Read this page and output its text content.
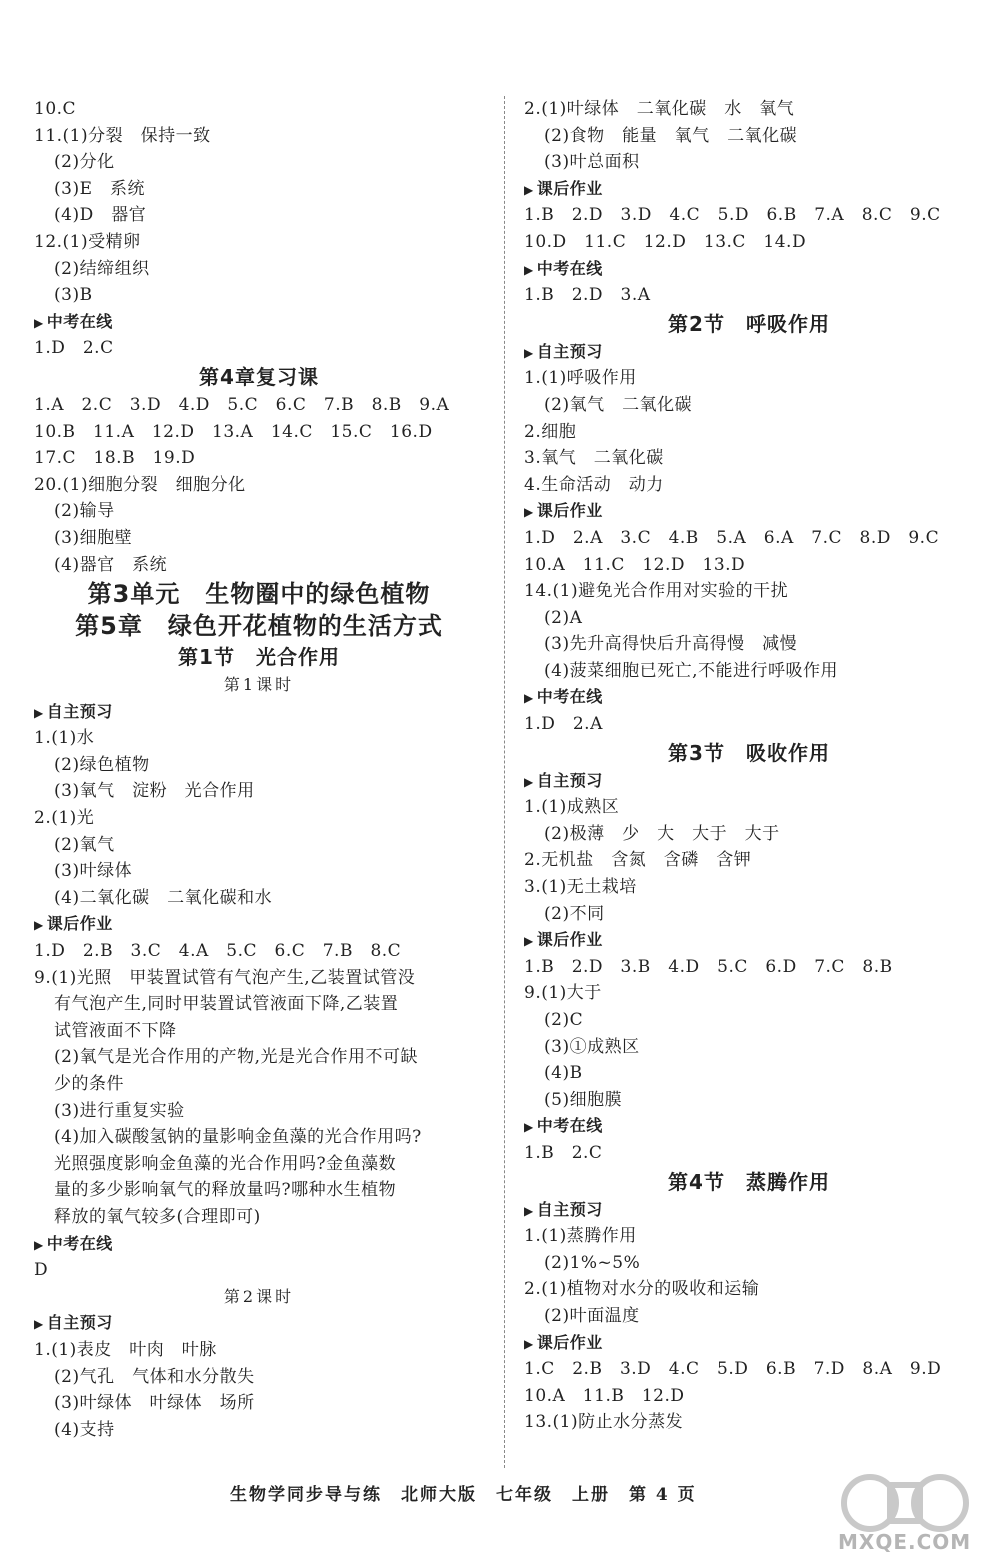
10.C
11.(1)分裂　保持一致
(2)分化
(3)E　系统
(4)D　器官
12.(1)受精卵
(2)结缔组织
(3)B
▶ 中考在线
1.D　2.C
第4章复习课
1.A　2.C　3.D　4.D　5.C　6.C　7.B　8.B　9.A
10.B　11.A　12.D　13.A　14.C　15.C　16.D
17.C　18.B　19.D
20.(1)细胞分裂　细胞分化
(2)输导
(3)细胞壁
(4)器官　系统
第3单元　生物圈中的绿色植物
第5章　绿色开花植物的生活方式
第1节　光合作用
第1课时
▶ 自主预习
1.(1)水
(2)绿色植物
(3)氧气　淀粉　光合作用
2.(1)光
(2)氧气
(3)叶绿体
(4)二氧化碳　二氧化碳和水
▶ 课后作业
1.D　2.B　3.C　4.A　5.C　6.C　7.B　8.C
9.(1)光照　甲装置试管有气泡产生,乙装置试管没
有气泡产生,同时甲装置试管液面下降,乙装置
试管液面不下降
(2)氧气是光合作用的产物,光是光合作用不可缺
少的条件
(3)进行重复实验
(4)加入碳酸氢钠的量影响金鱼藻的光合作用吗?
光照强度影响金鱼藻的光合作用吗?金鱼藻数
量的多少影响氧气的释放量吗?哪种水生植物
释放的氧气较多(合理即可)
▶ 中考在线
D
第2课时
▶ 自主预习
1.(1)表皮　叶肉　叶脉
(2)气孔　气体和水分散失
(3)叶绿体　叶绿体　场所
(4)支持
2.(1)叶绿体　二氧化碳　水　氧气
(2)食物　能量　氧气　二氧化碳
(3)叶总面积
▶ 课后作业
1.B　2.D　3.D　4.C　5.D　6.B　7.A　8.C　9.C
10.D　11.C　12.D　13.C　14.D
▶ 中考在线
1.B　2.D　3.A
第2节　呼吸作用
▶ 自主预习
1.(1)呼吸作用
(2)氧气　二氧化碳
2.细胞
3.氧气　二氧化碳
4.生命活动　动力
▶ 课后作业
1.D　2.A　3.C　4.B　5.A　6.A　7.C　8.D　9.C
10.A　11.C　12.D　13.D
14.(1)避免光合作用对实验的干扰
(2)A
(3)先升高得快后升高得慢　减慢
(4)菠菜细胞已死亡,不能进行呼吸作用
▶ 中考在线
1.D　2.A
第3节　吸收作用
▶ 自主预习
1.(1)成熟区
(2)极薄　少　大　大于　大于
2.无机盐　含氮　含磷　含钾
3.(1)无土栽培
(2)不同
▶ 课后作业
1.B　2.D　3.B　4.D　5.C　6.D　7.C　8.B
9.(1)大于
(2)C
(3)①成熟区
(4)B
(5)细胞膜
▶ 中考在线
1.B　2.C
第4节　蒸腾作用
▶ 自主预习
1.(1)蒸腾作用
(2)1%~5%
2.(1)植物对水分的吸收和运输
(2)叶面温度
▶ 课后作业
1.C　2.B　3.D　4.C　5.D　6.B　7.D　8.A　9.D
10.A　11.B　12.D
13.(1)防止水分蒸发
生物学同步导与练　北师大版　七年级　上册　第 4 页
MXQE.COM
